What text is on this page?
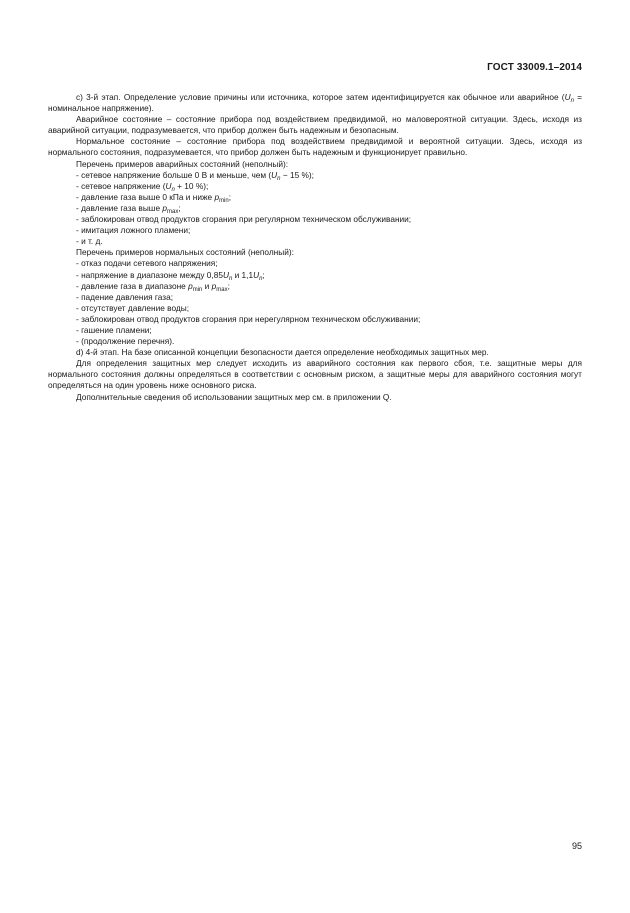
ГОСТ 33009.1–2014

с) 3-й этап. Определение условие причины или источника, которое затем идентифицируется как обычное или аварийное ($U_n$ = номинальное напряжение).

Аварийное состояние – состояние прибора под воздействием предвидимой, но маловероятной ситуации. Здесь, исходя из аварийной ситуации, подразумевается, что прибор должен быть надежным и безопасным.

Нормальное состояние – состояние прибора под воздействием предвидимой и вероятной ситуации. Здесь, исходя из нормального состояния, подразумевается, что прибор должен быть надежным и функционирует правильно.

Перечень примеров аварийных состояний (неполный):

- сетевое напряжение больше 0 В и меньше, чем ($U_n - 15$ %);
- сетевое напряжение ($U_n + 10$ %);
- давление газа выше 0 кПа и ниже $p_{min}$;
- давление газа выше $p_{max}$;
- заблокирован отвод продуктов сгорания при регулярном техническом обслуживании;
- имитация ложного пламени;
- и т. д.

Перечень примеров нормальных состояний (неполный):

- отказ подачи сетевого напряжения;
- напряжение в диапазоне между $0,85U_n$ и $1,1U_n$;
- давление газа в диапазоне $p_{min}$ и $p_{max}$;
- падение давления газа;
- отсутствует давление воды;
- заблокирован отвод продуктов сгорания при нерегулярном техническом обслуживании;
- гашение пламени;
- (продолжение перечня).

d) 4-й этап. На базе описанной концепции безопасности дается определение необходимых защитных мер.

Для определения защитных мер следует исходить из аварийного состояния как первого сбоя, т.е. защитные меры для нормального состояния должны определяться в соответствии с основным риском, а защитные меры для аварийного состояния могут определяться на один уровень ниже основного риска.

Дополнительные сведения об использовании защитных мер см. в приложении Q.

95
